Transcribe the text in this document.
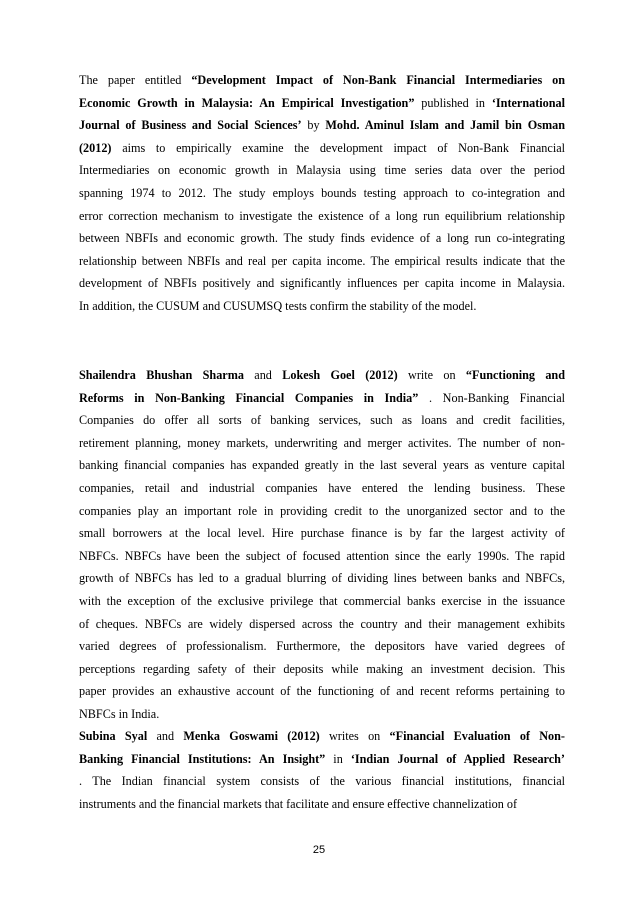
The paper entitled “Development Impact of Non-Bank Financial Intermediaries on
Economic Growth in Malaysia: An Empirical Investigation” published in ‘International
Journal of Business and Social Sciences’ by Mohd. Aminul Islam and Jamil bin Osman
(2012) aims to empirically examine the development impact of Non-Bank Financial
Intermediaries on economic growth in Malaysia using time series data over the period
spanning 1974 to 2012. The study employs bounds testing approach to co-integration and
error correction mechanism to investigate the existence of a long run equilibrium relationship
between NBFIs and economic growth. The study finds evidence of a long run co-integrating
relationship between NBFIs and real per capita income. The empirical results indicate that the
development of NBFIs positively and significantly influences per capita income in Malaysia.
In addition, the CUSUM and CUSUMSQ tests confirm the stability of the model.
Shailendra Bhushan Sharma and Lokesh Goel (2012) write on “Functioning and
Reforms in Non-Banking Financial Companies in India” . Non-Banking Financial
Companies do offer all sorts of banking services, such as loans and credit facilities,
retirement planning, money markets, underwriting and merger activites. The number of non-
banking financial companies has expanded greatly in the last several years as venture capital
companies, retail and industrial companies have entered the lending business. These
companies play an important role in providing credit to the unorganized sector and to the
small borrowers at the local level. Hire purchase finance is by far the largest activity of
NBFCs. NBFCs have been the subject of focused attention since the early 1990s. The rapid
growth of NBFCs has led to a gradual blurring of dividing lines between banks and NBFCs,
with the exception of the exclusive privilege that commercial banks exercise in the issuance
of cheques. NBFCs are widely dispersed across the country and their management exhibits
varied degrees of professionalism. Furthermore, the depositors have varied degrees of
perceptions regarding safety of their deposits while making an investment decision. This
paper provides an exhaustive account of the functioning of and recent reforms pertaining to
NBFCs in India.
Subina Syal and Menka Goswami (2012) writes on “Financial Evaluation of Non-
Banking Financial Institutions: An Insight” in ‘Indian Journal of Applied Research’
. The Indian financial system consists of the various financial institutions, financial
instruments and the financial markets that facilitate and ensure effective channelization of
25
